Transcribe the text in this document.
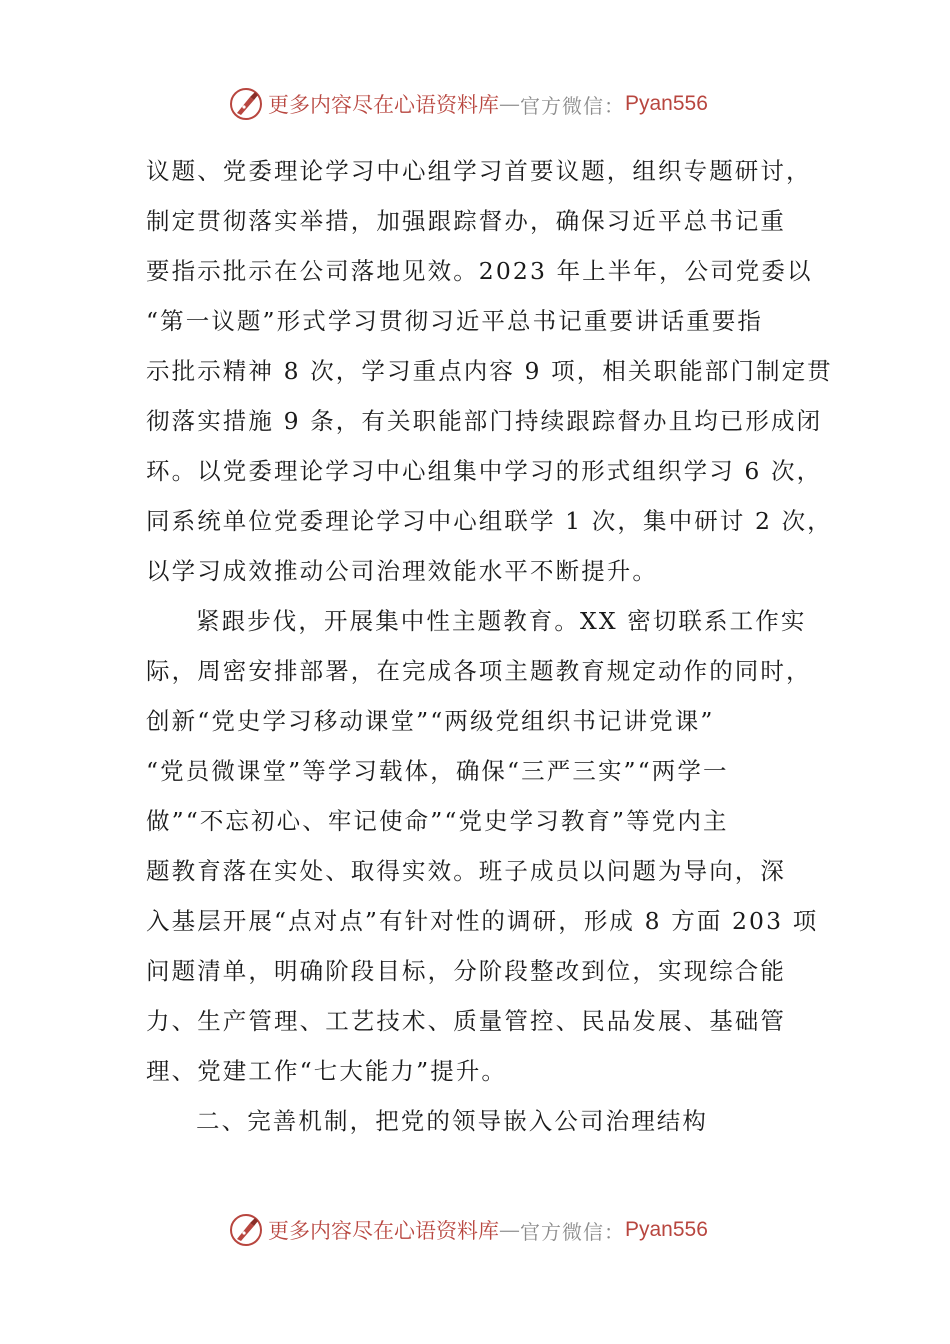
更多内容尽在心语资料库 — 官方微信： Pyan556
议题、党委理论学习中心组学习首要议题，组织专题研讨，
制定贯彻落实举措，加强跟踪督办，确保习近平总书记重
要指示批示在公司落地见效。2023 年上半年，公司党委以
“第一议题”形式学习贯彻习近平总书记重要讲话重要指
示批示精神 8 次，学习重点内容 9 项，相关职能部门制定贯
彻落实措施 9 条，有关职能部门持续跟踪督办且均已形成闭
环。以党委理论学习中心组集中学习的形式组织学习 6 次，
同系统单位党委理论学习中心组联学 1 次，集中研讨 2 次，
以学习成效推动公司治理效能水平不断提升。
紧跟步伐，开展集中性主题教育。XX 密切联系工作实
际，周密安排部署，在完成各项主题教育规定动作的同时，
创新“党史学习移动课堂”“两级党组织书记讲党课”
“党员微课堂”等学习载体，确保“三严三实”“两学一
做”“不忘初心、牢记使命”“党史学习教育”等党内主
题教育落在实处、取得实效。班子成员以问题为导向，深
入基层开展“点对点”有针对性的调研，形成 8 方面 203 项
问题清单，明确阶段目标，分阶段整改到位，实现综合能
力、生产管理、工艺技术、质量管控、民品发展、基础管
理、党建工作“七大能力”提升。
二、完善机制，把党的领导嵌入公司治理结构
更多内容尽在心语资料库 — 官方微信： Pyan556
